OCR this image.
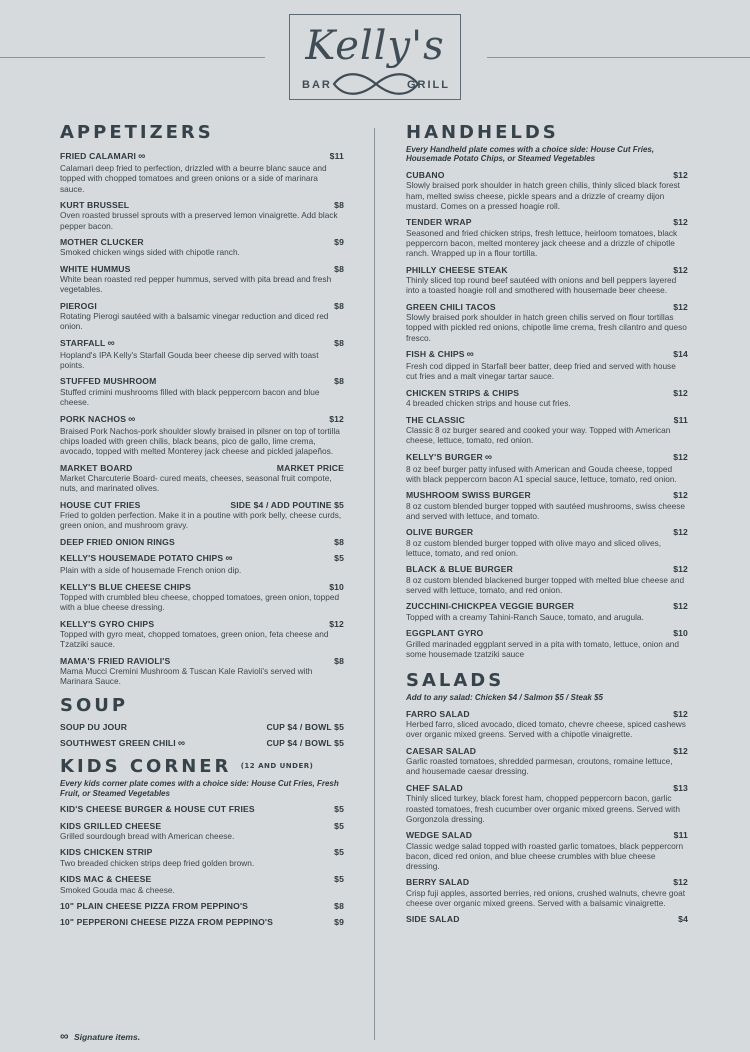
Kelly's
BAR	GRILL
APPETIZERS
FRIED CALAMARI ∞	$11
Calamari deep fried to perfection, drizzled with a beurre blanc sauce and topped with chopped tomatoes and green onions or a side of marinara sauce.
KURT BRUSSEL	$8
Oven roasted brussel sprouts with a preserved lemon vinaigrette. Add black pepper bacon.
MOTHER CLUCKER	$9
Smoked chicken wings sided with chipotle ranch.
WHITE HUMMUS	$8
White bean roasted red pepper hummus, served with pita bread and fresh vegetables.
PIEROGI	$8
Rotating Pierogi sautéed with a balsamic vinegar reduction and diced red onion.
STARFALL ∞	$8
Hopland's IPA Kelly's Starfall Gouda beer cheese dip served with toast points.
STUFFED MUSHROOM	$8
Stuffed crimini mushrooms filled with black peppercorn bacon and blue cheese.
PORK NACHOS ∞	$12
Braised Pork Nachos-pork shoulder slowly braised in pilsner on top of tortilla chips loaded with green chilis, black beans, pico de gallo, lime crema, avocado, topped with melted Monterey jack cheese and pickled jalapeños.
MARKET BOARD	MARKET PRICE
Market Charcuterie Board- cured meats, cheeses, seasonal fruit compote, nuts, and marinated olives.
HOUSE CUT FRIES	SIDE $4 / ADD POUTINE $5
Fried to golden perfection. Make it in a poutine with pork belly, cheese curds, green onion, and mushroom gravy.
DEEP FRIED ONION RINGS	$8
KELLY'S HOUSEMADE POTATO CHIPS ∞	$5
Plain with a side of housemade French onion dip.
KELLY'S BLUE CHEESE CHIPS	$10
Topped with crumbled bleu cheese, chopped tomatoes, green onion, topped with a blue cheese dressing.
KELLY'S GYRO CHIPS	$12
Topped with gyro meat, chopped tomatoes, green onion, feta cheese and Tzatziki sauce.
MAMA'S FRIED RAVIOLI'S	$8
Mama Mucci Cremini Mushroom & Tuscan Kale Ravioli's served with Marinara Sauce.
SOUP
SOUP DU JOUR	CUP $4 / BOWL $5
SOUTHWEST GREEN CHILI ∞	CUP $4 / BOWL $5
KIDS CORNER (12 AND UNDER)
Every kids corner plate comes with a choice side: House Cut Fries, Fresh Fruit, or Steamed Vegetables
KID'S CHEESE BURGER & HOUSE CUT FRIES	$5
KIDS GRILLED CHEESE	$5
Grilled sourdough bread with American cheese.
KIDS CHICKEN STRIP	$5
Two breaded chicken strips deep fried golden brown.
KIDS MAC & CHEESE	$5
Smoked Gouda mac & cheese.
10" PLAIN CHEESE PIZZA FROM PEPPINO'S	$8
10" PEPPERONI CHEESE PIZZA FROM PEPPINO'S	$9
HANDHELDS
Every Handheld plate comes with a choice side: House Cut Fries, Housemade Potato Chips, or Steamed Vegetables
CUBANO	$12
Slowly braised pork shoulder in hatch green chilis, thinly sliced black forest ham, melted swiss cheese, pickle spears and a drizzle of creamy dijon mustard. Comes on a pressed hoagie roll.
TENDER WRAP	$12
Seasoned and fried chicken strips, fresh lettuce, heirloom tomatoes, black peppercorn bacon, melted monterey jack cheese and a drizzle of chipotle ranch. Wrapped up in a flour tortilla.
PHILLY CHEESE STEAK	$12
Thinly sliced top round beef sautéed with onions and bell peppers layered into a toasted hoagie roll and smothered with housemade beer cheese.
GREEN CHILI TACOS	$12
Slowly braised pork shoulder in hatch green chilis served on flour tortillas topped with pickled red onions, chipotle lime crema, fresh cilantro and queso fresco.
FISH & CHIPS ∞	$14
Fresh cod dipped in Starfall beer batter, deep fried and served with house cut fries and a malt vinegar tartar sauce.
CHICKEN STRIPS & CHIPS	$12
4 breaded chicken strips and house cut fries.
THE CLASSIC	$11
Classic 8 oz burger seared and cooked your way. Topped with American cheese, lettuce, tomato, red onion.
KELLY'S BURGER ∞	$12
8 oz beef burger patty infused with American and Gouda cheese, topped with black peppercorn bacon A1 special sauce, lettuce, tomato, red onion.
MUSHROOM SWISS BURGER	$12
8 oz custom blended burger topped with sautéed mushrooms, swiss cheese and served with lettuce, and tomato.
OLIVE BURGER	$12
8 oz custom blended burger topped with olive mayo and sliced olives, lettuce, tomato, and red onion.
BLACK & BLUE BURGER	$12
8 oz custom blended blackened burger topped with melted blue cheese and served with lettuce, tomato, and red onion.
ZUCCHINI-CHICKPEA VEGGIE BURGER	$12
Topped with a creamy Tahini-Ranch Sauce, tomato, and arugula.
EGGPLANT GYRO	$10
Grilled marinaded eggplant served in a pita with tomato, lettuce, onion and some housemade tzatziki sauce
SALADS
Add to any salad: Chicken $4 / Salmon $5 / Steak $5
FARRO SALAD	$12
Herbed farro, sliced avocado, diced tomato, chevre cheese, spiced cashews over organic mixed greens. Served with a chipotle vinaigrette.
CAESAR SALAD	$12
Garlic roasted tomatoes, shredded parmesan, croutons, romaine lettuce, and housemade caesar dressing.
CHEF SALAD	$13
Thinly sliced turkey, black forest ham, chopped peppercorn bacon, garlic roasted tomatoes, fresh cucumber over organic mixed greens. Served with Gorgonzola dressing.
WEDGE SALAD	$11
Classic wedge salad topped with roasted garlic tomatoes, black peppercorn bacon, diced red onion, and blue cheese crumbles with blue cheese dressing.
BERRY SALAD	$12
Crisp fuji apples, assorted berries, red onions, crushed walnuts, chevre goat cheese over organic mixed greens. Served with a balsamic vinaigrette.
SIDE SALAD	$4
∞ Signature items.
